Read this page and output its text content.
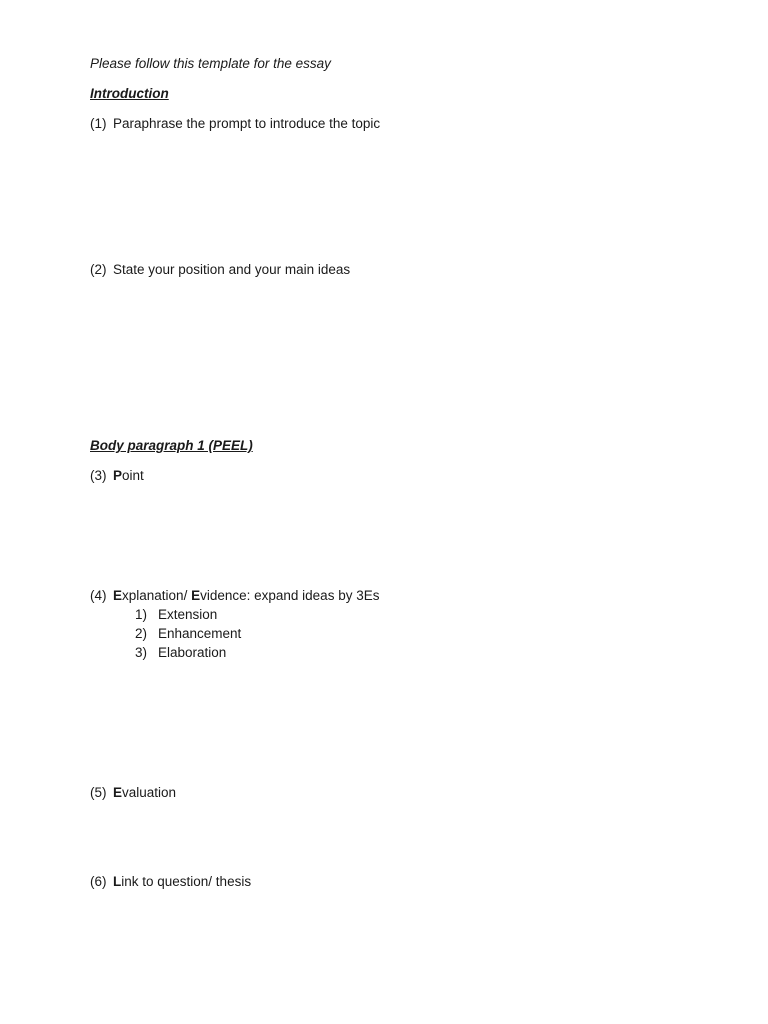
Please follow this template for the essay
Introduction
(1) Paraphrase the prompt to introduce the topic
(2) State your position and your main ideas
Body paragraph 1 (PEEL)
(3) Point
(4) Explanation/ Evidence: expand ideas by 3Es
1) Extension
2) Enhancement
3) Elaboration
(5) Evaluation
(6) Link to question/ thesis
